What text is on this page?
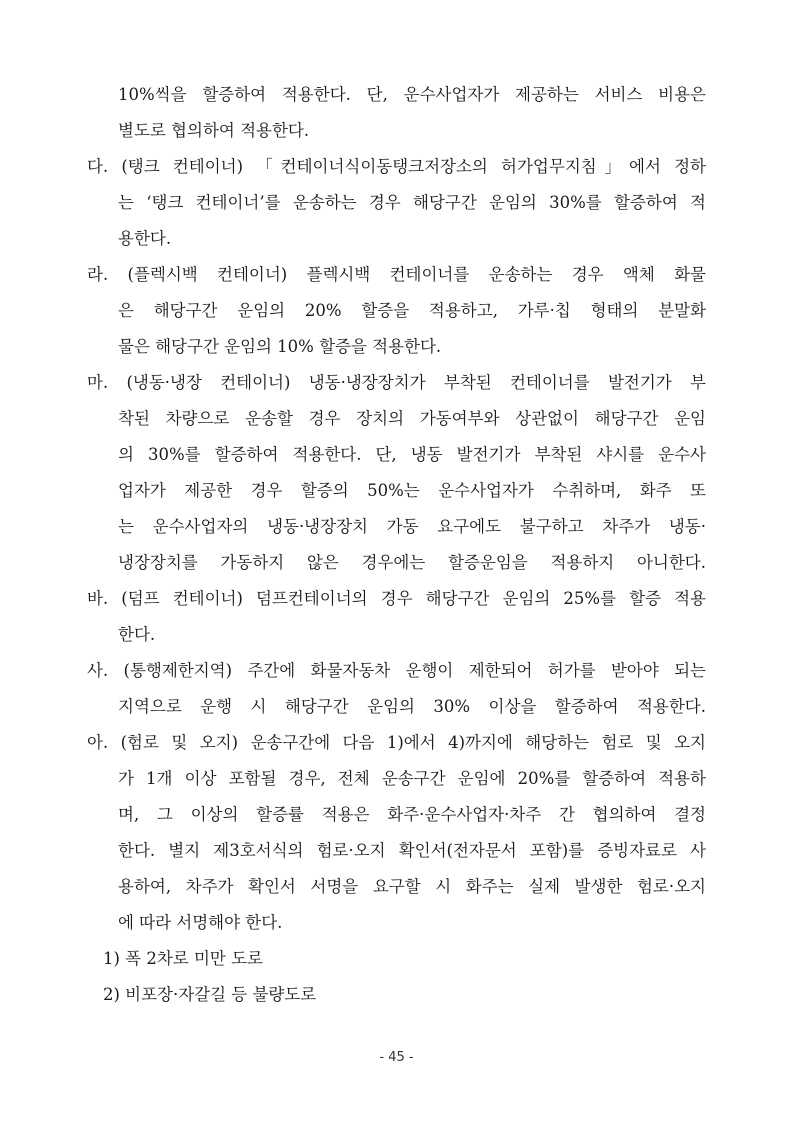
10%씩을 할증하여 적용한다. 단, 운수사업자가 제공하는 서비스 비용은
별도로 협의하여 적용한다.
다. (탱크 컨테이너) 「컨테이너식이동탱크저장소의 허가업무지침」에서 정하
는 ‘탱크 컨테이너’를 운송하는 경우 해당구간 운임의 30%를 할증하여 적
용한다.
라. (플렉시백 컨테이너) 플렉시백 컨테이너를 운송하는 경우 액체 화물
은 해당구간 운임의 20% 할증을 적용하고, 가루·칩 형태의 분말화
물은 해당구간 운임의 10% 할증을 적용한다.
마. (냉동·냉장 컨테이너) 냉동·냉장장치가 부착된 컨테이너를 발전기가 부
착된 차량으로 운송할 경우 장치의 가동여부와 상관없이 해당구간 운임
의 30%를 할증하여 적용한다. 단, 냉동 발전기가 부착된 샤시를 운수사
업자가 제공한 경우 할증의 50%는 운수사업자가 수취하며, 화주 또
는 운수사업자의 냉동·냉장장치 가동 요구에도 불구하고 차주가 냉동·
냉장장치를 가동하지 않은 경우에는 할증운임을 적용하지 아니한다.
바. (덤프 컨테이너) 덤프컨테이너의 경우 해당구간 운임의 25%를 할증 적용
한다.
사. (통행제한지역) 주간에 화물자동차 운행이 제한되어 허가를 받아야 되는
지역으로 운행 시 해당구간 운임의 30% 이상을 할증하여 적용한다.
아. (험로 및 오지) 운송구간에 다음 1)에서 4)까지에 해당하는 험로 및 오지
가 1개 이상 포함될 경우, 전체 운송구간 운임에 20%를 할증하여 적용하
며, 그 이상의 할증률 적용은 화주·운수사업자·차주 간 협의하여 결정
한다. 별지 제3호서식의 험로·오지 확인서(전자문서 포함)를 증빙자료로 사
용하여, 차주가 확인서 서명을 요구할 시 화주는 실제 발생한 험로·오지
에 따라 서명해야 한다.
1) 폭 2차로 미만 도로
2) 비포장·자갈길 등 불량도로
- 45 -
